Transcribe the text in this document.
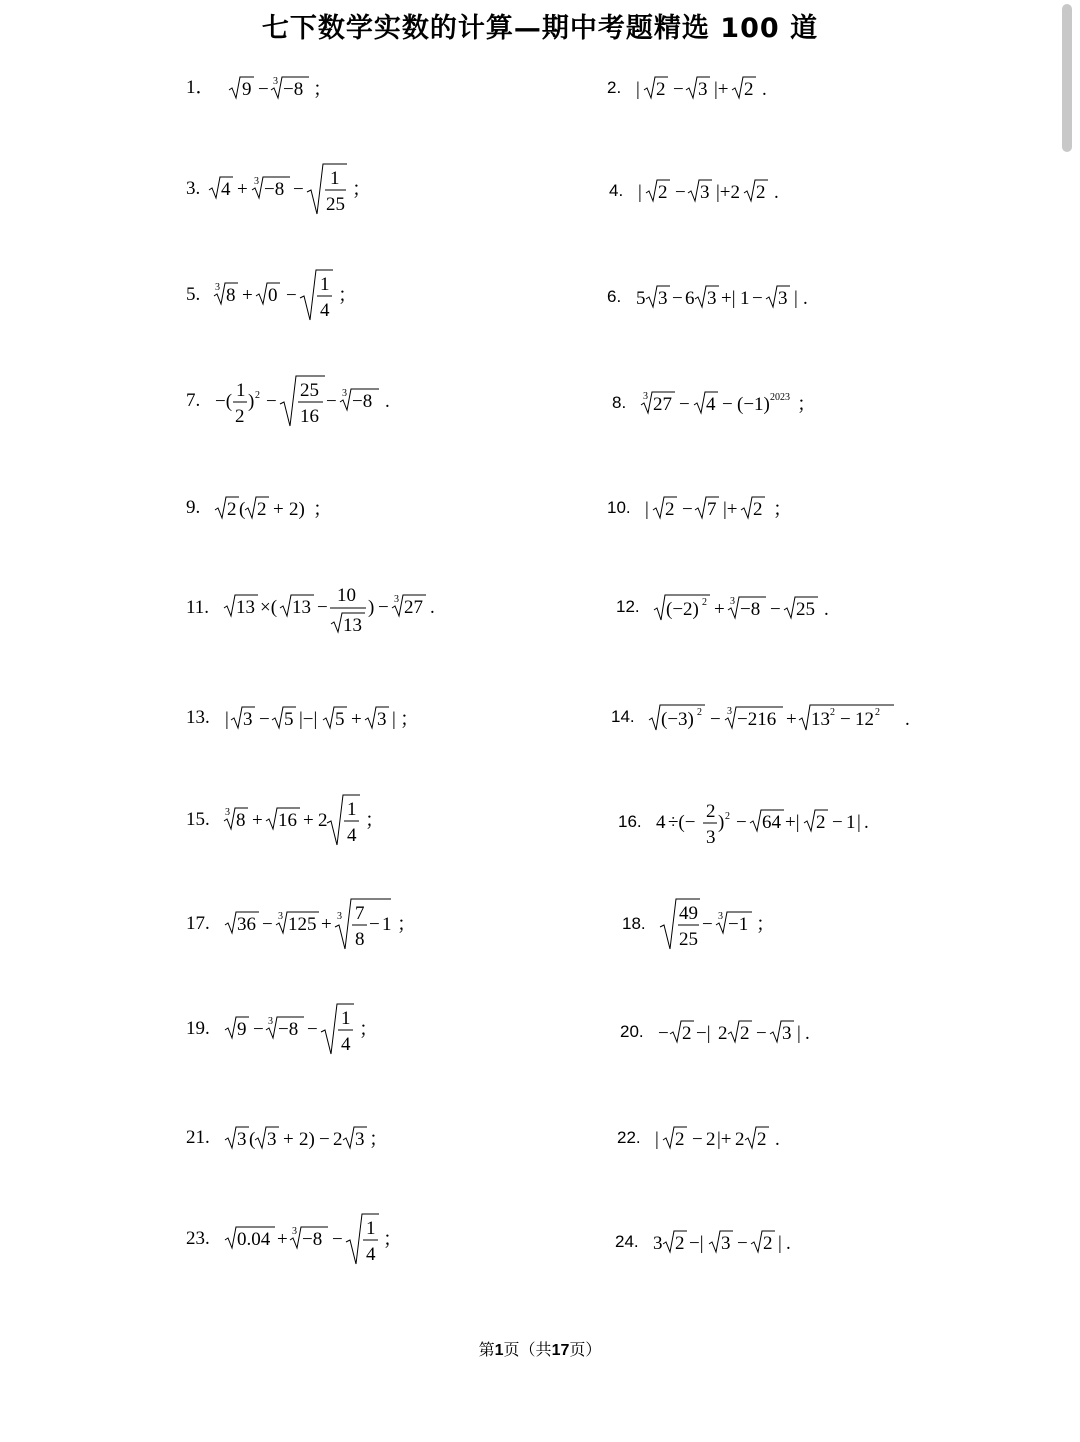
七下数学实数的计算—期中考题精选 100 道
1． 9 − 3 −8 ；	2. | 2 − 3 |+ 2 .
3. 4 + 3 −8 −
1
25
；	4. | 2 − 3 |+2 2 .
5. 3 8 + 0 −
1
4
；	6. 5 3 − 6 3 +| 1 − 3 | .
7. −(
1
2
) 2 −
25
16
− 3 −8 .	8. 3 27 − 4 − (−1) 2023 ；
9. 2 ( 2 + 2) ；	10. | 2 − 7 |+ 2 ；
11. 13 ×( 13 −
10
13
) − 3 27 .	12. (−2) 2 + 3 −8 − 25 .
13. | 3 − 5 |−| 5 + 3 | ；	14. (−3) 2 − 3 −216 + 13 2 − 12 2 .
15. 3 8 + 16 + 2
1
4
；	16. 4 ÷(−
2
3
) 2 − 64 +| 2 − 1 | .
17. 36 − 3 125 + 3 7
8
− 1 ；	18. 49
25
− 3 −1 ；
19. 9 − 3 −8 −
1
4
；	20. − 2 −| 2 2 − 3 | .
21. 3 ( 3 + 2) − 2 3 ；	22. | 2 − 2 |+ 2 2 .
23. 0.04 + 3 −8 −
1
4
；	24. 3 2 −| 3 − 2 | .
第1页（共17页）
